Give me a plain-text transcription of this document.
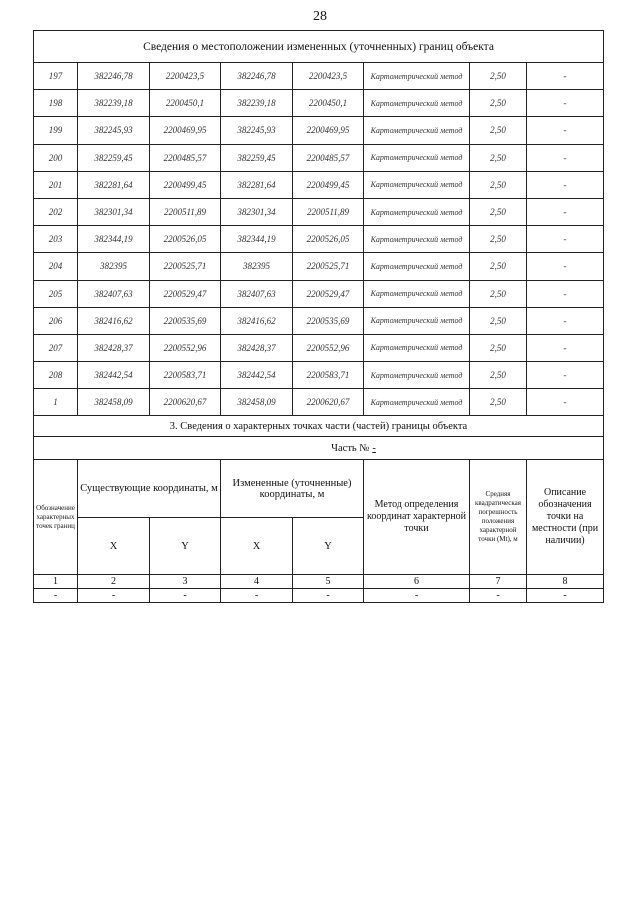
28
Сведения о местоположении измененных (уточненных) границ объекта							
197	382246,78	2200423,5	382246,78	2200423,5	Картометрический метод	2,50	-
198	382239,18	2200450,1	382239,18	2200450,1	Картометрический метод	2,50	-
199	382245,93	2200469,95	382245,93	2200469,95	Картометрический метод	2,50	-
200	382259,45	2200485,57	382259,45	2200485,57	Картометрический метод	2,50	-
201	382281,64	2200499,45	382281,64	2200499,45	Картометрический метод	2,50	-
202	382301,34	2200511,89	382301,34	2200511,89	Картометрический метод	2,50	-
203	382344,19	2200526,05	382344,19	2200526,05	Картометрический метод	2,50	-
204	382395	2200525,71	382395	2200525,71	Картометрический метод	2,50	-
205	382407,63	2200529,47	382407,63	2200529,47	Картометрический метод	2,50	-
206	382416,62	2200535,69	382416,62	2200535,69	Картометрический метод	2,50	-
207	382428,37	2200552,96	382428,37	2200552,96	Картометрический метод	2,50	-
208	382442,54	2200583,71	382442,54	2200583,71	Картометрический метод	2,50	-
1	382458,09	2200620,67	382458,09	2200620,67	Картометрический метод	2,50	-
3. Сведения о характерных точках части (частей) границы объекта							
Часть № -							
Обозначение характерных точек границ	Существующие координаты, м		Измененные (уточненные) координаты, м		Метод определения координат характерной точки	Средняя квадратическая погрешность положения характерной точки (Мt), м	Описание обозначения точки на местности (при наличии)
	X	Y	X	Y			
1	2	3	4	5	6	7	8
-	-	-	-	-	-	-	-
